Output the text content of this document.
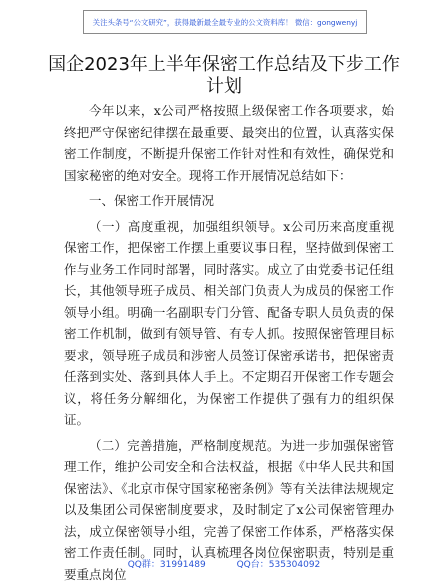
关注头条号“公文研究”，获得最新最全最专业的公文资料库！ 微信：gongwenyj
国企2023年上半年保密工作总结及下步工作计划

今年以来，x公司严格按照上级保密工作各项要求，始终把严守保密纪律摆在最重要、最突出的位置，认真落实保密工作制度，不断提升保密工作针对性和有效性，确保党和国家秘密的绝对安全。现将工作开展情况总结如下：

一、保密工作开展情况

（一）高度重视，加强组织领导。x公司历来高度重视保密工作，把保密工作摆上重要议事日程，坚持做到保密工作与业务工作同时部署，同时落实。成立了由党委书记任组长，其他领导班子成员、相关部门负责人为成员的保密工作领导小组。明确一名副职专门分管、配备专职人员负责的保密工作机制，做到有领导管、有专人抓。按照保密管理目标要求，领导班子成员和涉密人员签订保密承诺书，把保密责任落到实处、落到具体人手上。不定期召开保密工作专题会议，将任务分解细化，为保密工作提供了强有力的组织保证。

（二）完善措施，严格制度规范。为进一步加强保密管理工作，维护公司安全和合法权益，根据《中华人民共和国保密法》、《北京市保守国家秘密条例》等有关法律法规规定以及集团公司保密制度要求，及时制定了x公司保密管理办法，成立保密领导小组，完善了保密工作体系，严格落实保密工作责任制。同时，认真梳理各岗位保密职责，特别是重要重点岗位

QQ群：31991489	QQ台：535304092
